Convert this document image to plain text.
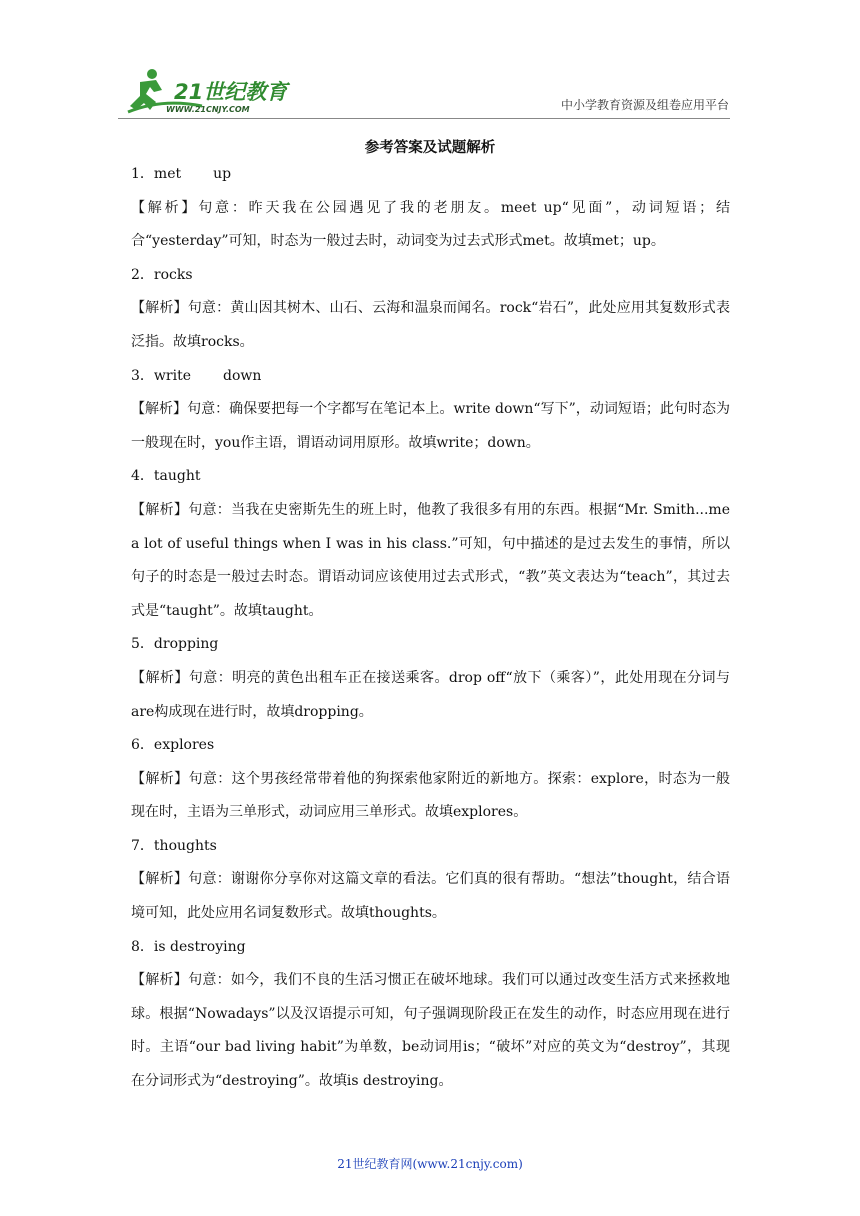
21世纪教育
WWW.21CNJY.COM	中小学教育资源及组卷应用平台
参考答案及试题解析

1．met up

【解析】句意：昨天我在公园遇见了我的老朋友。meet up“见面”，动词短语；结合“yesterday”可知，时态为一般过去时，动词变为过去式形式met。故填met；up。

2．rocks

【解析】句意：黄山因其树木、山石、云海和温泉而闻名。rock“岩石”，此处应用其复数形式表泛指。故填rocks。

3．write down

【解析】句意：确保要把每一个字都写在笔记本上。write down“写下”，动词短语；此句时态为一般现在时，you作主语，谓语动词用原形。故填write；down。

4．taught

【解析】句意：当我在史密斯先生的班上时，他教了我很多有用的东西。根据“Mr. Smith...me a lot of useful things when I was in his class.”可知，句中描述的是过去发生的事情，所以句子的时态是一般过去时态。谓语动词应该使用过去式形式，“教”英文表达为“teach”，其过去式是“taught”。故填taught。

5．dropping

【解析】句意：明亮的黄色出租车正在接送乘客。drop off“放下（乘客）”，此处用现在分词与are构成现在进行时，故填dropping。

6．explores

【解析】句意：这个男孩经常带着他的狗探索他家附近的新地方。探索：explore，时态为一般现在时，主语为三单形式，动词应用三单形式。故填explores。

7．thoughts

【解析】句意：谢谢你分享你对这篇文章的看法。它们真的很有帮助。“想法”thought，结合语境可知，此处应用名词复数形式。故填thoughts。

8．is destroying

【解析】句意：如今，我们不良的生活习惯正在破坏地球。我们可以通过改变生活方式来拯救地球。根据“Nowadays”以及汉语提示可知，句子强调现阶段正在发生的动作，时态应用现在进行时。主语“our bad living habit”为单数，be动词用is；“破坏”对应的英文为“destroy”，其现在分词形式为“destroying”。故填is destroying。

21世纪教育网(www.21cnjy.com)
